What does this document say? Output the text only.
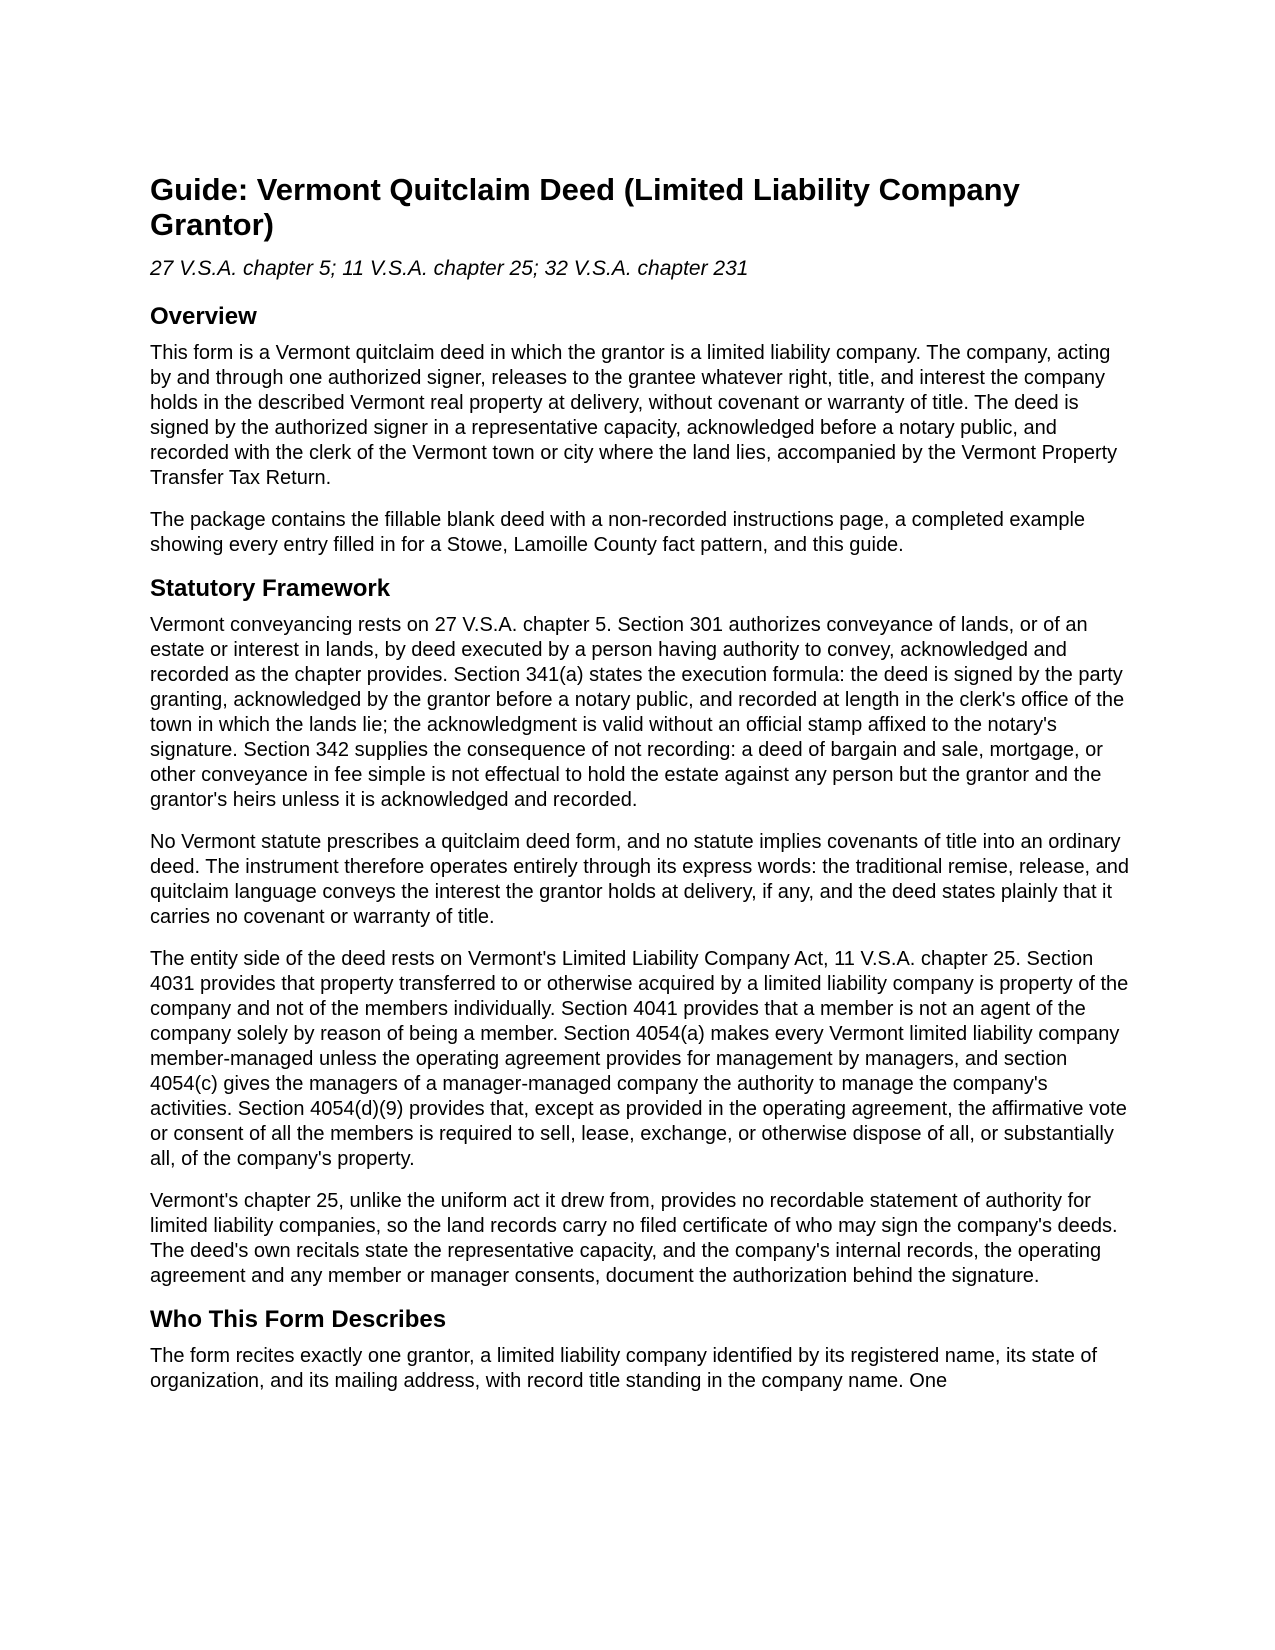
Guide: Vermont Quitclaim Deed (Limited Liability Company Grantor)
27 V.S.A. chapter 5; 11 V.S.A. chapter 25; 32 V.S.A. chapter 231
Overview

This form is a Vermont quitclaim deed in which the grantor is a limited liability company. The company, acting by and through one authorized signer, releases to the grantee whatever right, title, and interest the company holds in the described Vermont real property at delivery, without covenant or warranty of title. The deed is signed by the authorized signer in a representative capacity, acknowledged before a notary public, and recorded with the clerk of the Vermont town or city where the land lies, accompanied by the Vermont Property Transfer Tax Return.

The package contains the fillable blank deed with a non-recorded instructions page, a completed example showing every entry filled in for a Stowe, Lamoille County fact pattern, and this guide.

Statutory Framework

Vermont conveyancing rests on 27 V.S.A. chapter 5. Section 301 authorizes conveyance of lands, or of an estate or interest in lands, by deed executed by a person having authority to convey, acknowledged and recorded as the chapter provides. Section 341(a) states the execution formula: the deed is signed by the party granting, acknowledged by the grantor before a notary public, and recorded at length in the clerk's office of the town in which the lands lie; the acknowledgment is valid without an official stamp affixed to the notary's signature. Section 342 supplies the consequence of not recording: a deed of bargain and sale, mortgage, or other conveyance in fee simple is not effectual to hold the estate against any person but the grantor and the grantor's heirs unless it is acknowledged and recorded.

No Vermont statute prescribes a quitclaim deed form, and no statute implies covenants of title into an ordinary deed. The instrument therefore operates entirely through its express words: the traditional remise, release, and quitclaim language conveys the interest the grantor holds at delivery, if any, and the deed states plainly that it carries no covenant or warranty of title.

The entity side of the deed rests on Vermont's Limited Liability Company Act, 11 V.S.A. chapter 25. Section 4031 provides that property transferred to or otherwise acquired by a limited liability company is property of the company and not of the members individually. Section 4041 provides that a member is not an agent of the company solely by reason of being a member. Section 4054(a) makes every Vermont limited liability company member-managed unless the operating agreement provides for management by managers, and section 4054(c) gives the managers of a manager-managed company the authority to manage the company's activities. Section 4054(d)(9) provides that, except as provided in the operating agreement, the affirmative vote or consent of all the members is required to sell, lease, exchange, or otherwise dispose of all, or substantially all, of the company's property.

Vermont's chapter 25, unlike the uniform act it drew from, provides no recordable statement of authority for limited liability companies, so the land records carry no filed certificate of who may sign the company's deeds. The deed's own recitals state the representative capacity, and the company's internal records, the operating agreement and any member or manager consents, document the authorization behind the signature.

Who This Form Describes

The form recites exactly one grantor, a limited liability company identified by its registered name, its state of organization, and its mailing address, with record title standing in the company name. One
